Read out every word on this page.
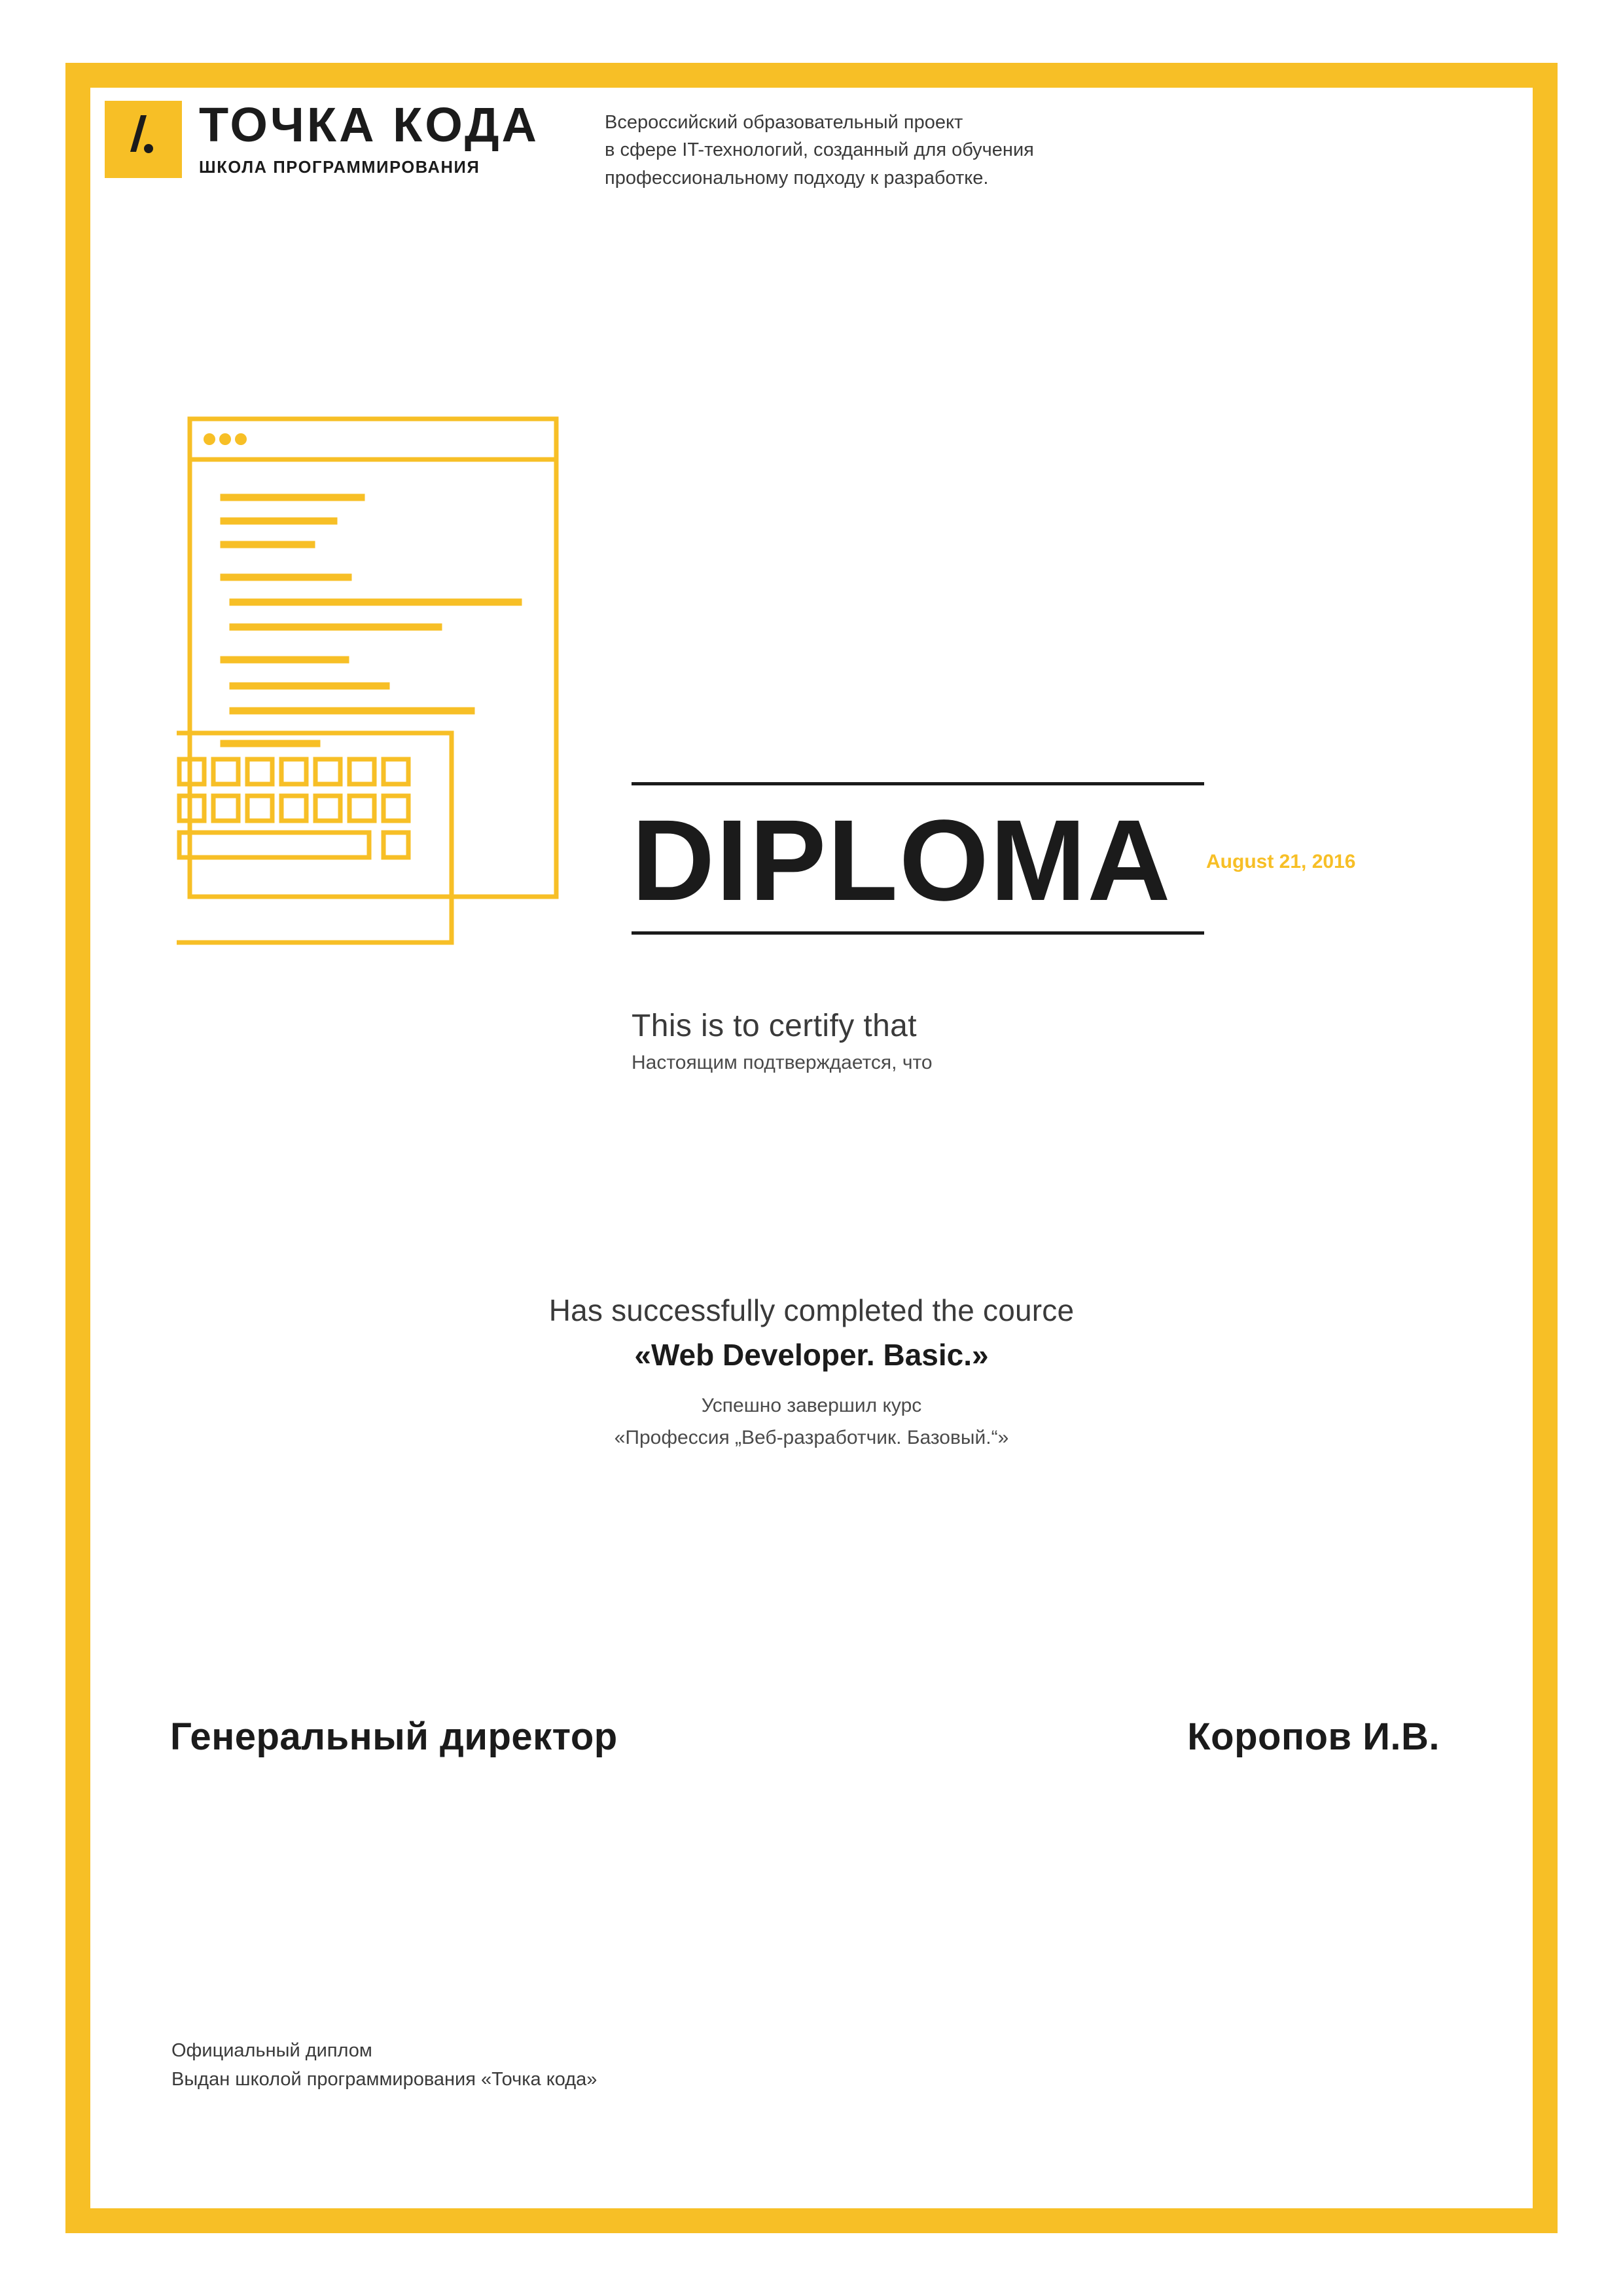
ТОЧКА КОДА
ШКОЛА ПРОГРАММИРОВАНИЯ
Всероссийский образовательный проект
в сфере IT-технологий, созданный для обучения
профессиональному подходу к разработке.
DIPLOMA	August 21, 2016
This is to certify that
Настоящим подтверждается, что
Has successfully completed the cource
«Web Developer. Basic.»
Успешно завершил курс
«Профессия „Веб-разработчик. Базовый.“»
Генеральный директор	Коропов И.В.
Официальный диплом
Выдан школой программирования «Точка кода»
